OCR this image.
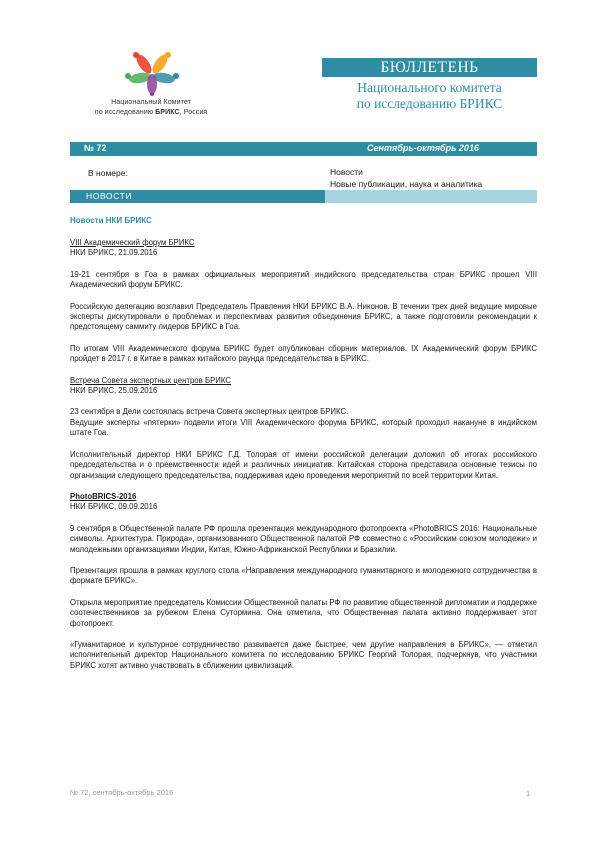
Национальный Комитет
по исследованию БРИКС, Россия
БЮЛЛЕТЕНЬ
Национального комитета
по исследованию БРИКС
№ 72	Сентябрь-октябрь 2016
В номере:	Новости
Новые публикации, наука и аналитика
НОВОСТИ
Новости НКИ БРИКС

VIII Академический форум БРИКС

НКИ БРИКС, 21.09.2016

19-21 сентября в Гоа в рамках официальных мероприятий индийского председательства стран БРИКС прошел VIII Академический форум БРИКС.

Российскую делегацию возглавил Председатель Правления НКИ БРИКС В.А. Никонов. В течении трех дней ведущие мировые эксперты дискутировали о проблемах и перспективах развития объединения БРИКС, а также подготовили рекомендации к предстоящему саммиту лидеров БРИКС в Гоа.

По итогам VIII Академического форума БРИКС будет опубликован сборник материалов. IX Академический форум БРИКС пройдет в 2017 г. в Китае в рамках китайского раунда председательства в БРИКС.

Встреча Совета экспертных центров БРИКС

НКИ БРИКС, 25.09.2016

23 сентября в Дели состоялась встреча Совета экспертных центров БРИКС.

Ведущие эксперты «пятерки» подвели итоги VIII Академического форума БРИКС, который проходил накануне в индийском штате Гоа.

Исполнительный директор НКИ БРИКС Г.Д. Толорая от имени российской делегации доложил об итогах российского председательства и о преемственности идей и различных инициатив. Китайская сторона представила основные тезисы по организации следующего председательства, поддерживая идею проведения мероприятий по всей территории Китая.

PhotoBRICS-2016

НКИ БРИКС, 09.09.2016

9 сентября в Общественной палате РФ прошла презентация международного фотопроекта «PhotoBRICS 2016: Национальные символы. Архитектура. Природа», организованного Общественной палатой РФ совместно с «Российским союзом молодежи» и молодежными организациями Индии, Китая, Южно-Африканской Республики и Бразилии.

Презентация прошла в рамках круглого стола «Направления международного гуманитарного и молодежного сотрудничества в формате БРИКС».

Открыла мероприятие председатель Комиссии Общественной палаты РФ по развитию общественной дипломатии и поддержке соотечественников за рубежом Елена Сутормина. Она отметила, что Общественная палата активно поддерживает этот фотопроект.

«Гуманитарное и культурное сотрудничество развивается даже быстрее, чем другие направления в БРИКС», — отметил исполнительный директор Национального комитета по исследованию БРИКС Георгий Толорая, подчеркнув, что участники БРИКС хотят активно участвовать в сближении цивилизаций.

№ 72, сентябрь-октябрь 2016	1
